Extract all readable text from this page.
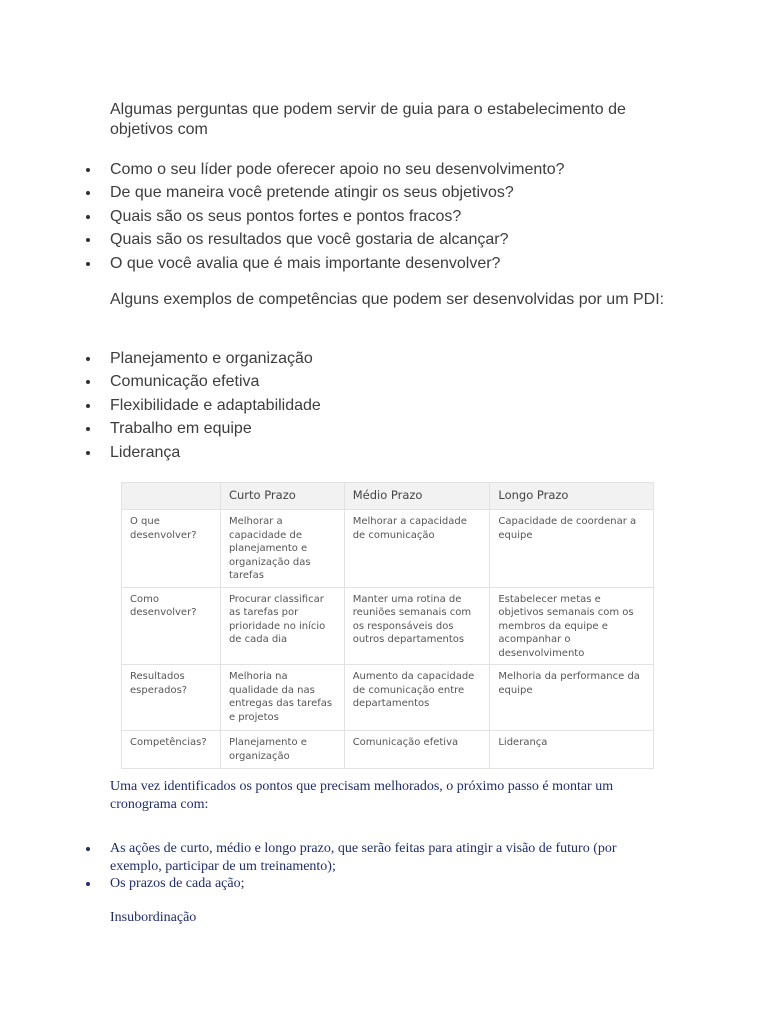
Algumas perguntas que podem servir de guia para o estabelecimento de objetivos com

Como o seu líder pode oferecer apoio no seu desenvolvimento?
De que maneira você pretende atingir os seus objetivos?
Quais são os seus pontos fortes e pontos fracos?
Quais são os resultados que você gostaria de alcançar?
O que você avalia que é mais importante desenvolver?

Alguns exemplos de competências que podem ser desenvolvidas por um PDI:

Planejamento e organização
Comunicação efetiva
Flexibilidade e adaptabilidade
Trabalho em equipe
Liderança
	Curto Prazo	Médio Prazo	Longo Prazo
O que desenvolver?	Melhorar a capacidade de planejamento e organização das tarefas	Melhorar a capacidade de comunicação	Capacidade de coordenar a equipe
Como desenvolver?	Procurar classificar as tarefas por prioridade no início de cada dia	Manter uma rotina de reuniões semanais com os responsáveis dos outros departamentos	Estabelecer metas e objetivos semanais com os membros da equipe e acompanhar o desenvolvimento
Resultados esperados?	Melhoria na qualidade da nas entregas das tarefas e projetos	Aumento da capacidade de comunicação entre departamentos	Melhoria da performance da equipe
Competências?	Planejamento e organização	Comunicação efetiva	Liderança

Uma vez identificados os pontos que precisam melhorados, o próximo passo é montar um cronograma com:

As ações de curto, médio e longo prazo, que serão feitas para atingir a visão de futuro (por exemplo, participar de um treinamento);
Os prazos de cada ação;

Insubordinação
